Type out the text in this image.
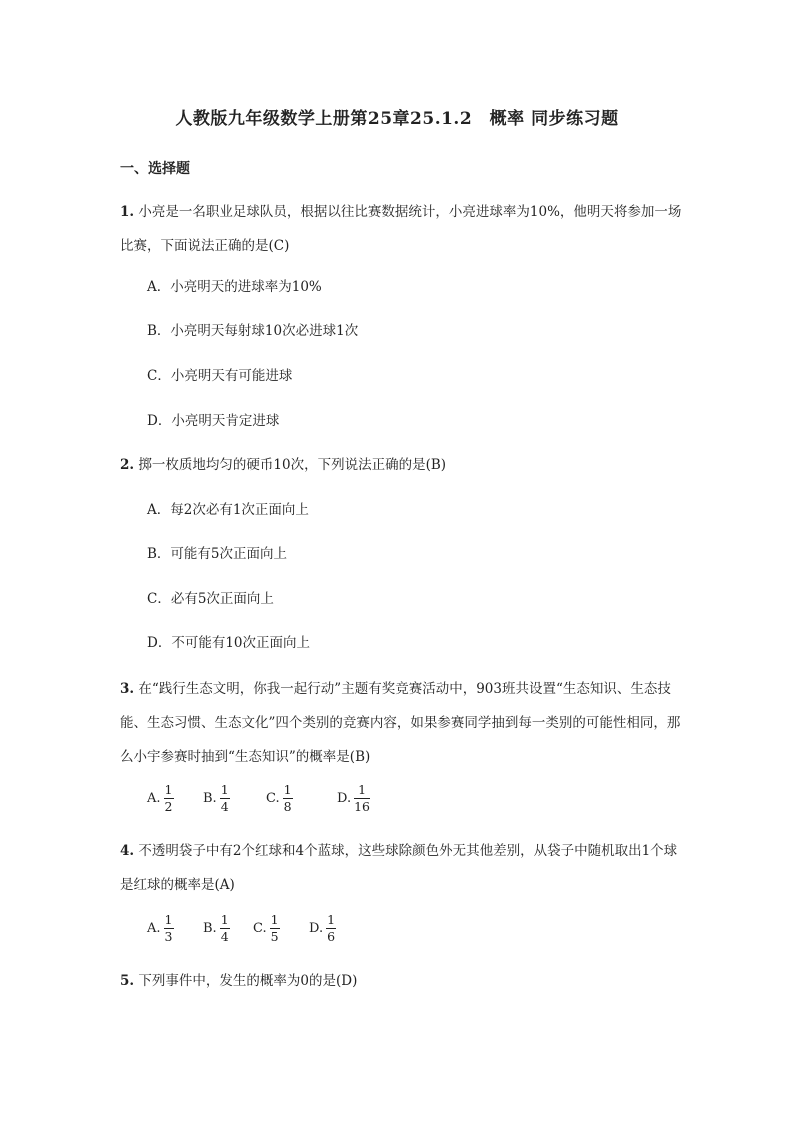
人教版九年级数学上册第25章25.1.2　概率 同步练习题
一、选择题
1. 小亮是一名职业足球队员，根据以往比赛数据统计，小亮进球率为10%，他明天将参加一场比赛，下面说法正确的是(C)
A．小亮明天的进球率为10%
B．小亮明天每射球10次必进球1次
C．小亮明天有可能进球
D．小亮明天肯定进球
2. 掷一枚质地均匀的硬币10次，下列说法正确的是(B)
A．每2次必有1次正面向上
B．可能有5次正面向上
C．必有5次正面向上
D．不可能有10次正面向上
3. 在“践行生态文明，你我一起行动”主题有奖竞赛活动中，903班共设置“生态知识、生态技能、生态习惯、生态文化”四个类别的竞赛内容，如果参赛同学抽到每一类别的可能性相同，那么小宇参赛时抽到“生态知识”的概率是(B)
A. $\frac{1}{2} B$. $\frac{1}{4}$	C. $\frac{1}{8}$	D. $\frac{1}{16}$
4. 不透明袋子中有2个红球和4个蓝球，这些球除颜色外无其他差别，从袋子中随机取出1个球是红球的概率是(A)
A. $\frac{1}{3} B$. $\frac{1}{4} C$. $\frac{1}{5} D$. $\frac{1}{6}$
5. 下列事件中，发生的概率为0的是(D)
